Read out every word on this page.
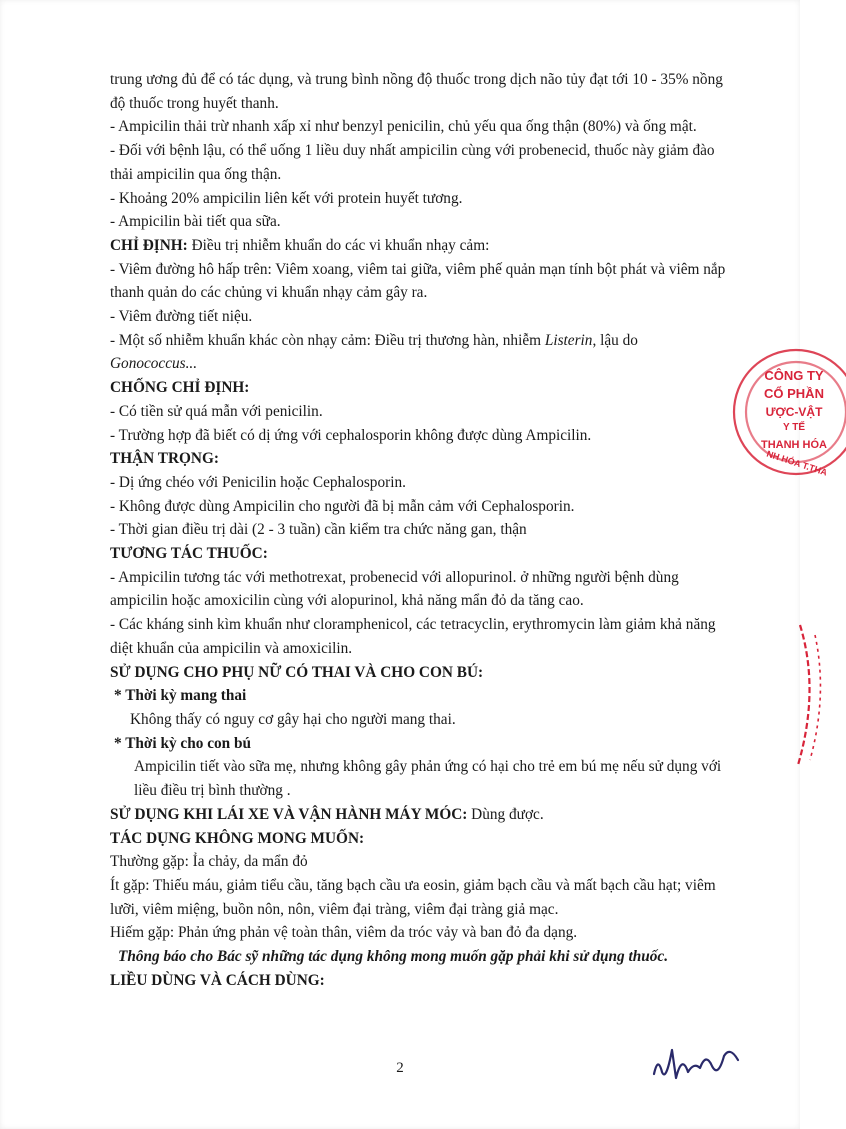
trung ương đủ để có tác dụng, và trung bình nồng độ thuốc trong dịch não tủy đạt tới 10 - 35% nồng độ thuốc trong huyết thanh.

- Ampicilin thải trừ nhanh xấp xỉ như benzyl penicilin, chủ yếu qua ống thận (80%) và ống mật.

- Đối với bệnh lậu, có thể uống 1 liều duy nhất ampicilin cùng với probenecid, thuốc này giảm đào thải ampicilin qua ống thận.

- Khoảng 20% ampicilin liên kết với protein huyết tương.

- Ampicilin bài tiết qua sữa.

CHỈ ĐỊNH: Điều trị nhiễm khuẩn do các vi khuẩn nhạy cảm:

- Viêm đường hô hấp trên: Viêm xoang, viêm tai giữa, viêm phế quản mạn tính bột phát và viêm nắp thanh quản do các chủng vi khuẩn nhạy cảm gây ra.

- Viêm đường tiết niệu.

- Một số nhiễm khuẩn khác còn nhạy cảm: Điều trị thương hàn, nhiễm Listerin, lậu do Gonococcus...

CHỐNG CHỈ ĐỊNH:

- Có tiền sử quá mẫn với penicilin.

- Trường hợp đã biết có dị ứng với cephalosporin không được dùng Ampicilin.

THẬN TRỌNG:

- Dị ứng chéo với Penicilin hoặc Cephalosporin.

- Không được dùng Ampicilin cho người đã bị mẫn cảm với Cephalosporin.

- Thời gian điều trị dài (2 - 3 tuần) cần kiểm tra chức năng gan, thận

TƯƠNG TÁC THUỐC:

- Ampicilin tương tác với methotrexat, probenecid với allopurinol. ở những người bệnh dùng ampicilin hoặc amoxicilin cùng với alopurinol, khả năng mẩn đỏ da tăng cao.

- Các kháng sinh kìm khuẩn như cloramphenicol, các tetracyclin, erythromycin làm giảm khả năng diệt khuẩn của ampicilin và amoxicilin.

SỬ DỤNG CHO PHỤ NỮ CÓ THAI VÀ CHO CON BÚ:

* Thời kỳ mang thai

Không thấy có nguy cơ gây hại cho người mang thai.

* Thời kỳ cho con bú

Ampicilin tiết vào sữa mẹ, nhưng không gây phản ứng có hại cho trẻ em bú mẹ nếu sử dụng với liều điều trị bình thường .

SỬ DỤNG KHI LÁI XE VÀ VẬN HÀNH MÁY MÓC: Dùng được.

TÁC DỤNG KHÔNG MONG MUỐN:

Thường gặp: Ỉa chảy, da mẩn đỏ

Ít gặp: Thiếu máu, giảm tiểu cầu, tăng bạch cầu ưa eosin, giảm bạch cầu và mất bạch cầu hạt; viêm lưỡi, viêm miệng, buồn nôn, nôn, viêm đại tràng, viêm đại tràng giả mạc.

Hiếm gặp: Phản ứng phản vệ toàn thân, viêm da tróc vảy và ban đỏ đa dạng.

Thông báo cho Bác sỹ những tác dụng không mong muốn gặp phải khi sử dụng thuốc.

LIỀU DÙNG VÀ CÁCH DÙNG:

CÔNG TY
CỔ PHẦN
ƯỢC-VẬT
Y TẾ
THANH HÓA
NH HÓA T.THA
2
